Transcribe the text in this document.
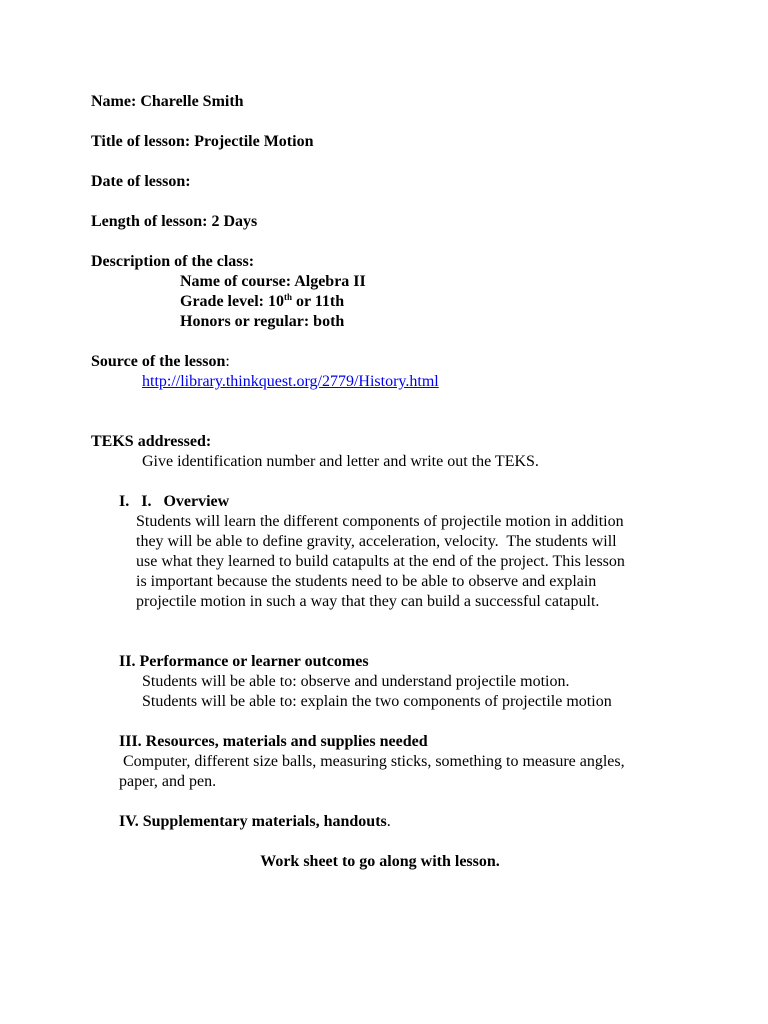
Name: Charelle Smith
Title of lesson: Projectile Motion
Date of lesson:
Length of lesson: 2 Days
Description of the class:
Name of course: Algebra II
Grade level: 10th or 11th
Honors or regular: both
Source of the lesson:
http://library.thinkquest.org/2779/History.html
TEKS addressed:
Give identification number and letter and write out the TEKS.
I.   I.   Overview
Students will learn the different components of projectile motion in addition
they will be able to define gravity, acceleration, velocity.  The students will
use what they learned to build catapults at the end of the project. This lesson
is important because the students need to be able to observe and explain
projectile motion in such a way that they can build a successful catapult.
II. Performance or learner outcomes
Students will be able to: observe and understand projectile motion.
Students will be able to: explain the two components of projectile motion
III. Resources, materials and supplies needed
Computer, different size balls, measuring sticks, something to measure angles,
paper, and pen.
IV. Supplementary materials, handouts.
Work sheet to go along with lesson.
